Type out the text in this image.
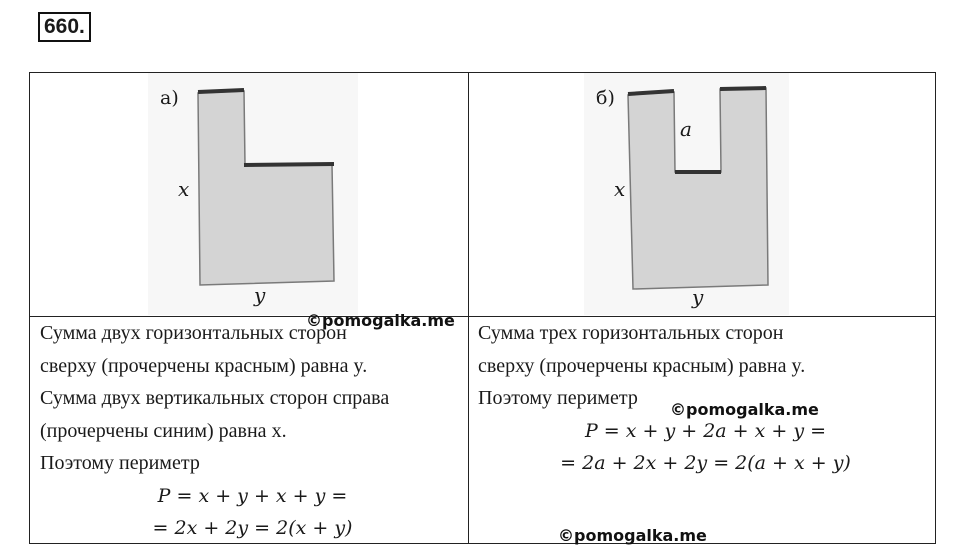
660.
а)
x
y
б)
a
x
y
Сумма двух горизонтальных сторон
сверху (прочерчены красным) равна y.
Сумма двух вертикальных сторон справа
(прочерчены синим) равна x.
Поэтому периметр
P = x + y + x + y =
= 2x + 2y = 2(x + y)
Сумма трех горизонтальных сторон
сверху (прочерчены красным) равна y.
Поэтому периметр
P = x + y + 2a + x + y =
= 2a + 2x + 2y = 2(a + x + y)
©pomogalka.me
©pomogalka.me
©pomogalka.me
